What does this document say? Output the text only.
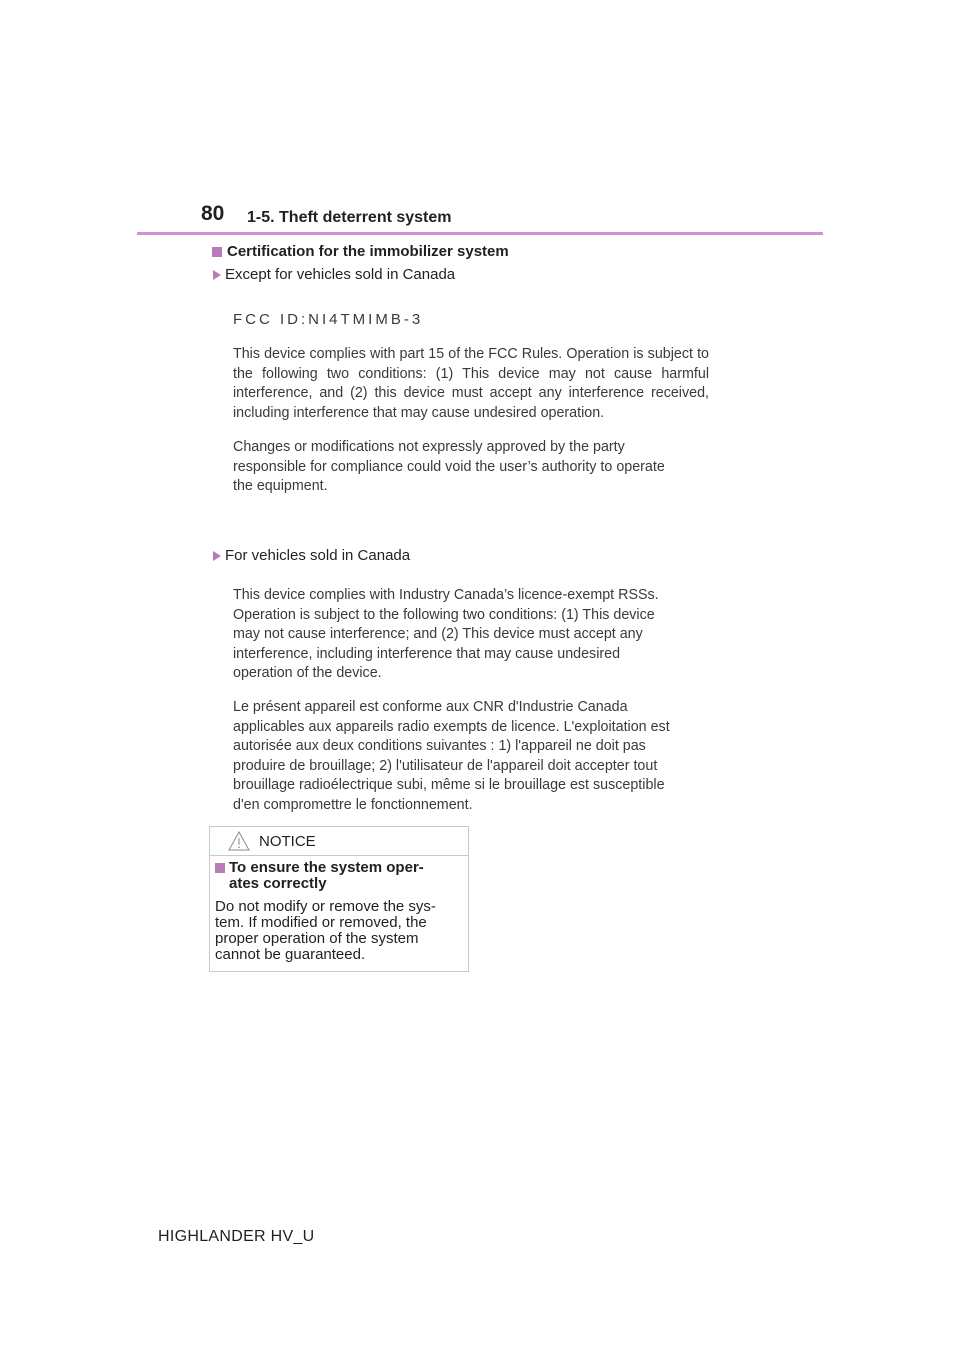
80 1-5. Theft deterrent system
Certification for the immobilizer system
Except for vehicles sold in Canada
FCC ID:NI4TMIMB-3
This device complies with part 15 of the FCC Rules. Operation is subject to the following two conditions: (1) This device may not cause harmful interference, and (2) this device must accept any interference received, including interference that may cause undesired operation.
Changes or modifications not expressly approved by the party
responsible for compliance could void the user’s authority to operate
the equipment.
For vehicles sold in Canada
This device complies with Industry Canada’s licence-exempt RSSs.
Operation is subject to the following two conditions: (1) This device
may not cause interference; and (2) This device must accept any
interference, including interference that may cause undesired
operation of the device.
Le présent appareil est conforme aux CNR d'Industrie Canada
applicables aux appareils radio exempts de licence. L'exploitation est
autorisée aux deux conditions suivantes : 1) l'appareil ne doit pas
produire de brouillage; 2) l'utilisateur de l'appareil doit accepter tout
brouillage radioélectrique subi, même si le brouillage est susceptible
d'en compromettre le fonctionnement.
NOTICE
To ensure the system oper-
ates correctly
Do not modify or remove the sys-
tem. If modified or removed, the
proper operation of the system
cannot be guaranteed.
HIGHLANDER HV_U
